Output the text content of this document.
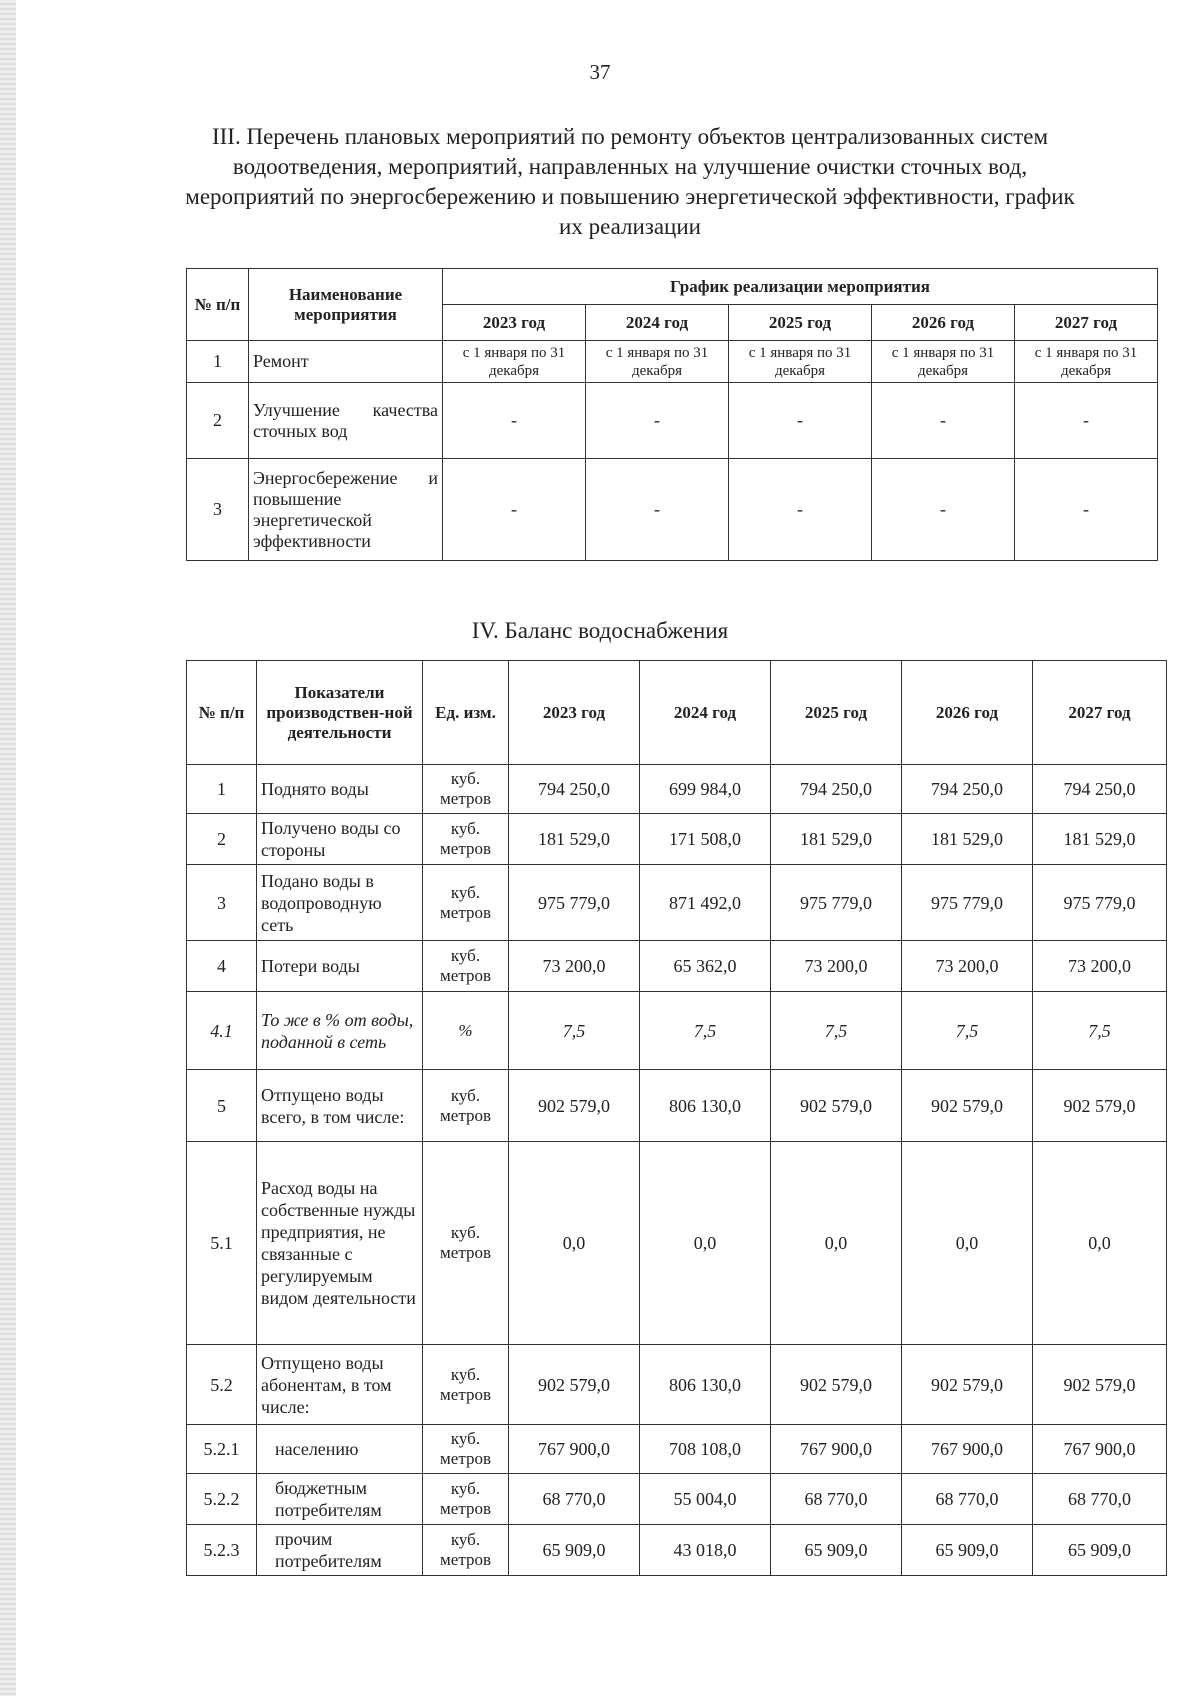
37
III. Перечень плановых мероприятий по ремонту объектов централизованных систем водоотведения, мероприятий, направленных на улучшение очистки сточных вод, мероприятий по энергосбережению и повышению энергетической эффективности, график их реализации
№ п/п	Наименование мероприятия	График реализации мероприятия				
		2023 год	2024 год	2025 год	2026 год	2027 год
1	Ремонт	с 1 января по 31 декабря	с 1 января по 31 декабря	с 1 января по 31 декабря	с 1 января по 31 декабря	с 1 января по 31 декабря
2	Улучшение качества сточных вод	-	-	-	-	-
3	Энергосбережение и повышение энергетической эффективности	-	-	-	-	-
IV. Баланс водоснабжения
№ п/п	Показатели производствен-ной деятельности	Ед. изм.	2023 год	2024 год	2025 год	2026 год	2027 год
1	Поднято воды	куб. метров	794 250,0	699 984,0	794 250,0	794 250,0	794 250,0
2	Получено воды со стороны	куб. метров	181 529,0	171 508,0	181 529,0	181 529,0	181 529,0
3	Подано воды в водопроводную сеть	куб. метров	975 779,0	871 492,0	975 779,0	975 779,0	975 779,0
4	Потери воды	куб. метров	73 200,0	65 362,0	73 200,0	73 200,0	73 200,0
4.1	То же в % от воды, поданной в сеть	%	7,5	7,5	7,5	7,5	7,5
5	Отпущено воды всего, в том числе:	куб. метров	902 579,0	806 130,0	902 579,0	902 579,0	902 579,0
5.1	Расход воды на собственные нужды предприятия, не связанные с регулируемым видом деятельности	куб. метров	0,0	0,0	0,0	0,0	0,0
5.2	Отпущено воды абонентам, в том числе:	куб. метров	902 579,0	806 130,0	902 579,0	902 579,0	902 579,0
5.2.1	населению	куб. метров	767 900,0	708 108,0	767 900,0	767 900,0	767 900,0
5.2.2	бюджетным потребителям	куб. метров	68 770,0	55 004,0	68 770,0	68 770,0	68 770,0
5.2.3	прочим потребителям	куб. метров	65 909,0	43 018,0	65 909,0	65 909,0	65 909,0
